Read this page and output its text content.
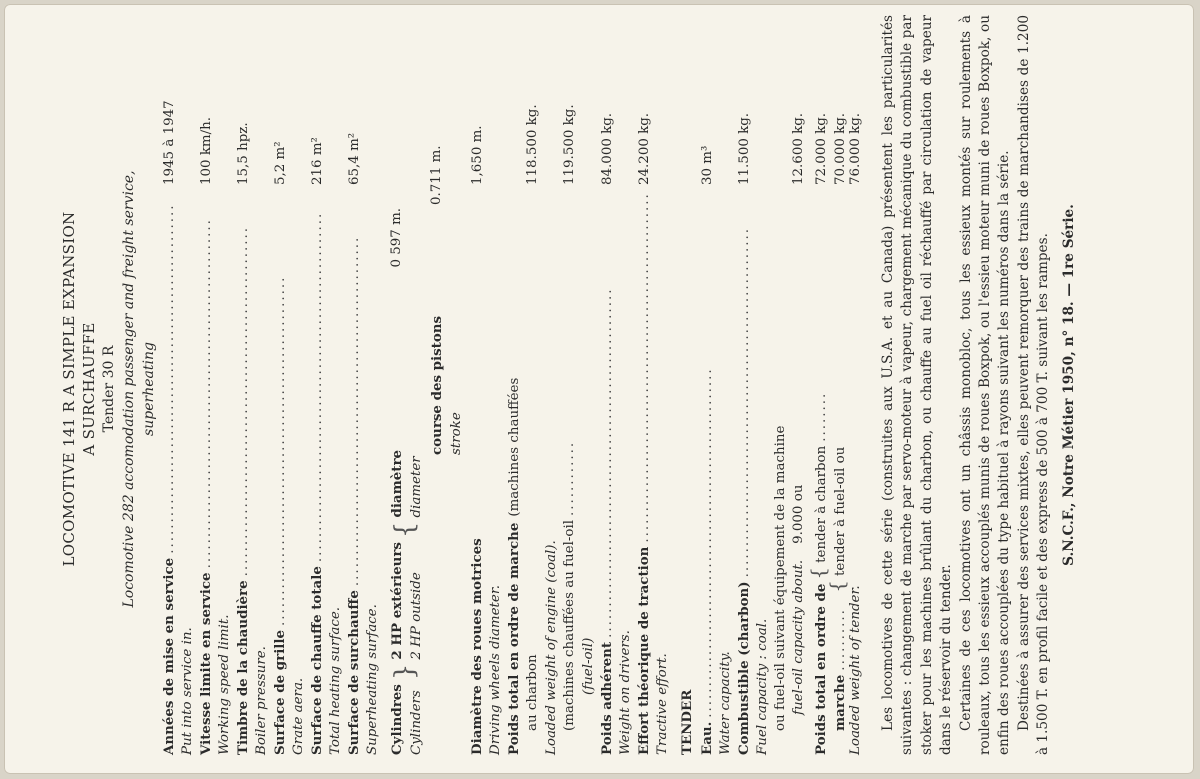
LOCOMOTIVE 141 R A SIMPLE EXPANSION A SURCHAUFFE Tender 30 R Locomotive 282 accomodation passenger and freight service, superheating
Années de mise en service
........................................................
1945 à 1947
Put into service in. Vitesse limite en service
........................................................
100 km/h.
Working speed limit. Timbre de la chaudière
........................................................
15,5 hpz.
Boiler pressure. Surface de grille
........................................................
5,2 m²
Grate aera. Surface de chauffe totale
........................................................
216 m²
Total heating surface. Surface de surchauffe
........................................................
65,4 m²
Superheating surface. Cylindres Cylinders
}
2 HP extérieurs 2 HP outside
{
diamètre diameter
0 597 m.
course des pistons stroke
0.711 m.
Diamètre des roues motrices
1,650 m.
Driving wheels diameter. Poids total en ordre de marche
(machines chauffées
au charbon
118.500 kg.
Loaded weight of engine (coal). (machines chauffées au fuel-oil
............
119.500 kg.
(fuel-oil) Poids adhérent
........................................................
84.000 kg.
Weight on drivers. Effort théorique de traction
........................................................
24.200 kg.
Tractive effort. TENDER Eau.
........................................................
30 m³
Water capacity. Combustible (charbon)
........................................................
11.500 kg.
Fuel capacity : coal. ou fuel-oil suivant équipement de la machine fuel-oil capacity about.
9.000 ou
12.600 kg.
Poids total en ordre de
{
tender à charbon
........
72.000 kg.
marche
..........
{
tender à fuel-oil ou
70.000 kg.
Loaded weight of tender.
76.000 kg. Les locomotives de cette série (construites aux U.S.A. et au Canada) présentent les particularités suivantes : changement de marche par servo-moteur à vapeur, chargement mécanique du combustible par stoker pour les machines brûlant du charbon, ou chauffe au fuel oil réchauffé par circulation de vapeur dans le réservoir du tender. Certaines de ces locomotives ont un châssis monobloc, tous les essieux montés sur roulements à rouleaux, tous les essieux accouplés munis de roues Boxpok, ou l'essieu moteur muni de roues Boxpok, ou enfin des roues accouplées du type habituel à rayons suivant les numéros dans la série. Destinées à assurer des services mixtes, elles peuvent remorquer des trains de marchandises de 1.200 à 1.500 T. en profil facile et des express de 500 à 700 T. suivant les rampes. S.N.C.F., Notre Métier 1950, n° 18. — 1re Série.
